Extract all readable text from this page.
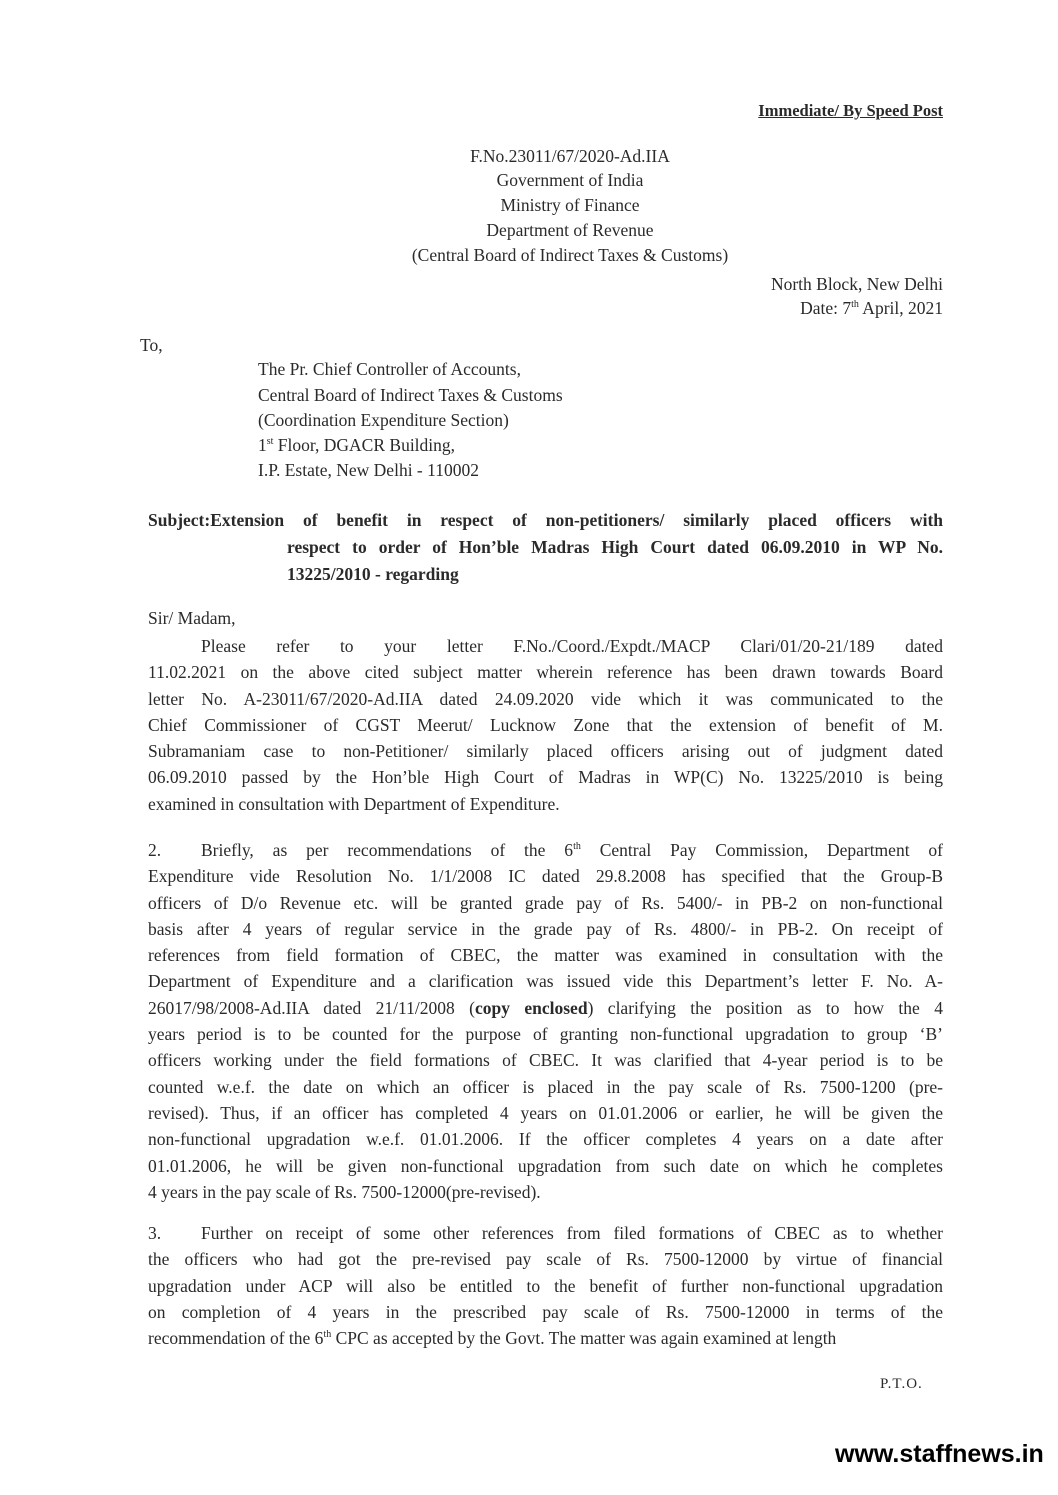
Immediate/ By Speed Post
F.No.23011/67/2020-Ad.IIA
Government of India
Ministry of Finance
Department of Revenue
(Central Board of Indirect Taxes & Customs)
North Block, New Delhi
Date: 7th April, 2021
To,
The Pr. Chief Controller of Accounts,
Central Board of Indirect Taxes & Customs
(Coordination Expenditure Section)
1st Floor, DGACR Building,
I.P. Estate, New Delhi - 110002
Subject:Extension of benefit in respect of non-petitioners/ similarly placed officers with
respect to order of Hon’ble Madras High Court dated 06.09.2010 in WP No.
13225/2010 - regarding
Sir/ Madam,
Please refer to your letter F.No./Coord./Expdt./MACP Clari/01/20-21/189 dated
11.02.2021 on the above cited subject matter wherein reference has been drawn towards Board
letter No. A-23011/67/2020-Ad.IIA dated 24.09.2020 vide which it was communicated to the
Chief Commissioner of CGST Meerut/ Lucknow Zone that the extension of benefit of M.
Subramaniam case to non-Petitioner/ similarly placed officers arising out of judgment dated
06.09.2010 passed by the Hon’ble High Court of Madras in WP(C) No. 13225/2010 is being
examined in consultation with Department of Expenditure.
2. Briefly, as per recommendations of the 6th Central Pay Commission, Department of
Expenditure vide Resolution No. 1/1/2008 IC dated 29.8.2008 has specified that the Group-B
officers of D/o Revenue etc. will be granted grade pay of Rs. 5400/- in PB-2 on non-functional
basis after 4 years of regular service in the grade pay of Rs. 4800/- in PB-2. On receipt of
references from field formation of CBEC, the matter was examined in consultation with the
Department of Expenditure and a clarification was issued vide this Department’s letter F. No. A-
26017/98/2008-Ad.IIA dated 21/11/2008 (copy enclosed) clarifying the position as to how the 4
years period is to be counted for the purpose of granting non-functional upgradation to group ‘B’
officers working under the field formations of CBEC. It was clarified that 4-year period is to be
counted w.e.f. the date on which an officer is placed in the pay scale of Rs. 7500-1200 (pre-
revised). Thus, if an officer has completed 4 years on 01.01.2006 or earlier, he will be given the
non-functional upgradation w.e.f. 01.01.2006. If the officer completes 4 years on a date after
01.01.2006, he will be given non-functional upgradation from such date on which he completes
4 years in the pay scale of Rs. 7500-12000(pre-revised).
3. Further on receipt of some other references from filed formations of CBEC as to whether
the officers who had got the pre-revised pay scale of Rs. 7500-12000 by virtue of financial
upgradation under ACP will also be entitled to the benefit of further non-functional upgradation
on completion of 4 years in the prescribed pay scale of Rs. 7500-12000 in terms of the
recommendation of the 6th CPC as accepted by the Govt. The matter was again examined at length
P.T.O.
www.staffnews.in
